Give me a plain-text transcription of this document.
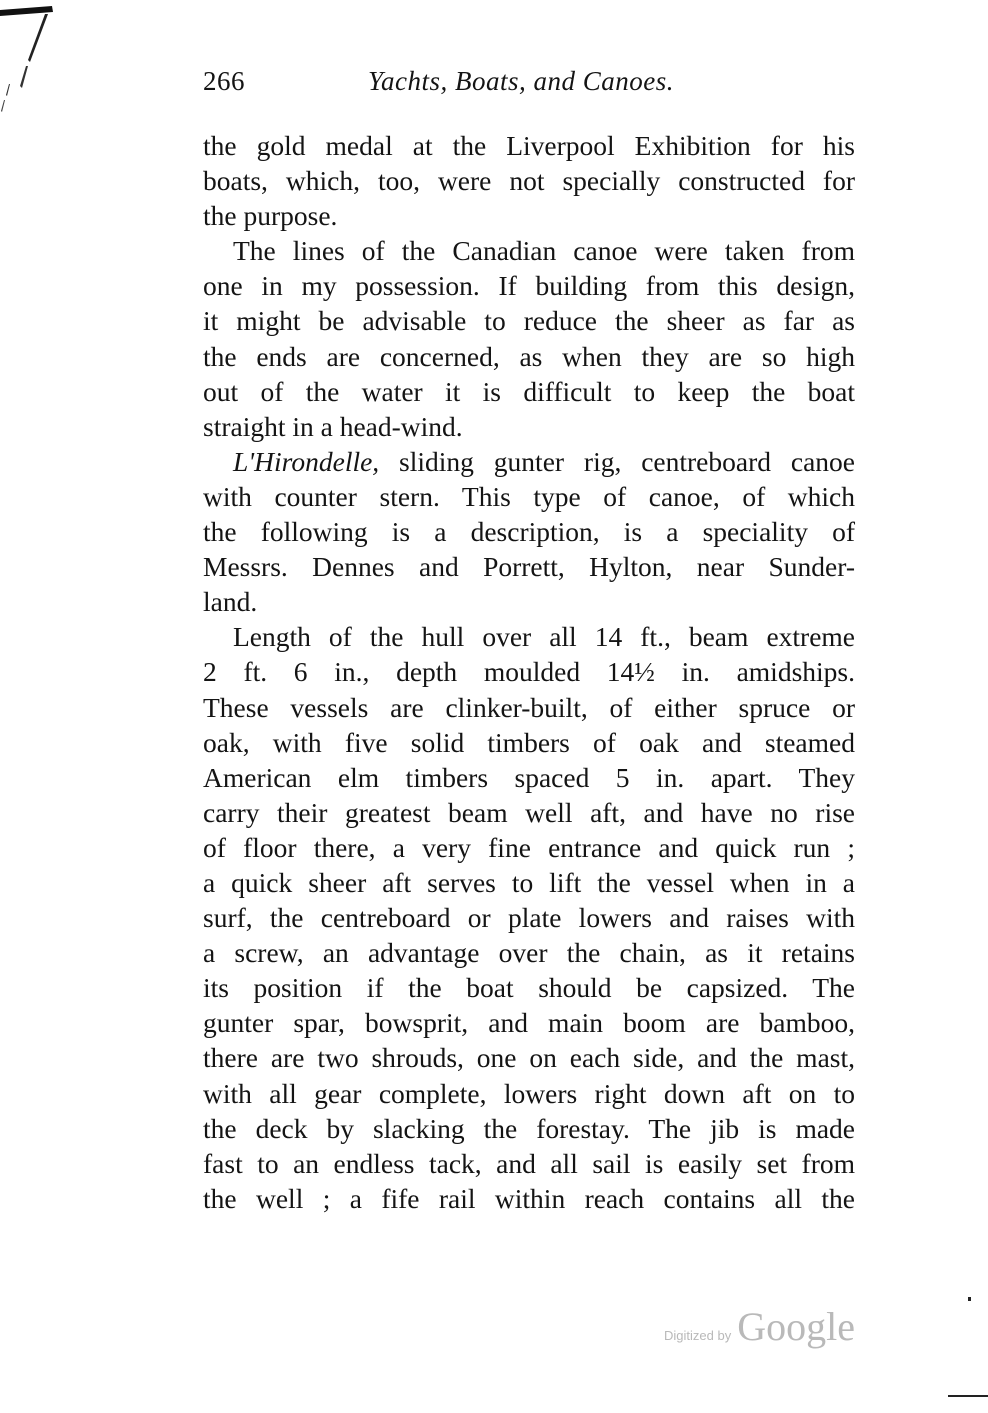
266	Yachts, Boats, and Canoes.
the gold medal at the Liverpool Exhibition for his
boats, which, too, were not specially constructed for
the purpose.
The lines of the Canadian canoe were taken from
one in my possession. If building from this design,
it might be advisable to reduce the sheer as far as
the ends are concerned, as when they are so high
out of the water it is difficult to keep the boat
straight in a head-wind.
L'Hirondelle, sliding gunter rig, centreboard canoe
with counter stern. This type of canoe, of which
the following is a description, is a speciality of
Messrs. Dennes and Porrett, Hylton, near Sunder-
land.
Length of the hull over all 14 ft., beam extreme
2 ft. 6 in., depth moulded 14½ in. amidships.
These vessels are clinker-built, of either spruce or
oak, with five solid timbers of oak and steamed
American elm timbers spaced 5 in. apart. They
carry their greatest beam well aft, and have no rise
of floor there, a very fine entrance and quick run ;
a quick sheer aft serves to lift the vessel when in a
surf, the centreboard or plate lowers and raises with
a screw, an advantage over the chain, as it retains
its position if the boat should be capsized. The
gunter spar, bowsprit, and main boom are bamboo,
there are two shrouds, one on each side, and the mast,
with all gear complete, lowers right down aft on to
the deck by slacking the forestay. The jib is made
fast to an endless tack, and all sail is easily set from
the well ; a fife rail within reach contains all the
Digitized by Google
